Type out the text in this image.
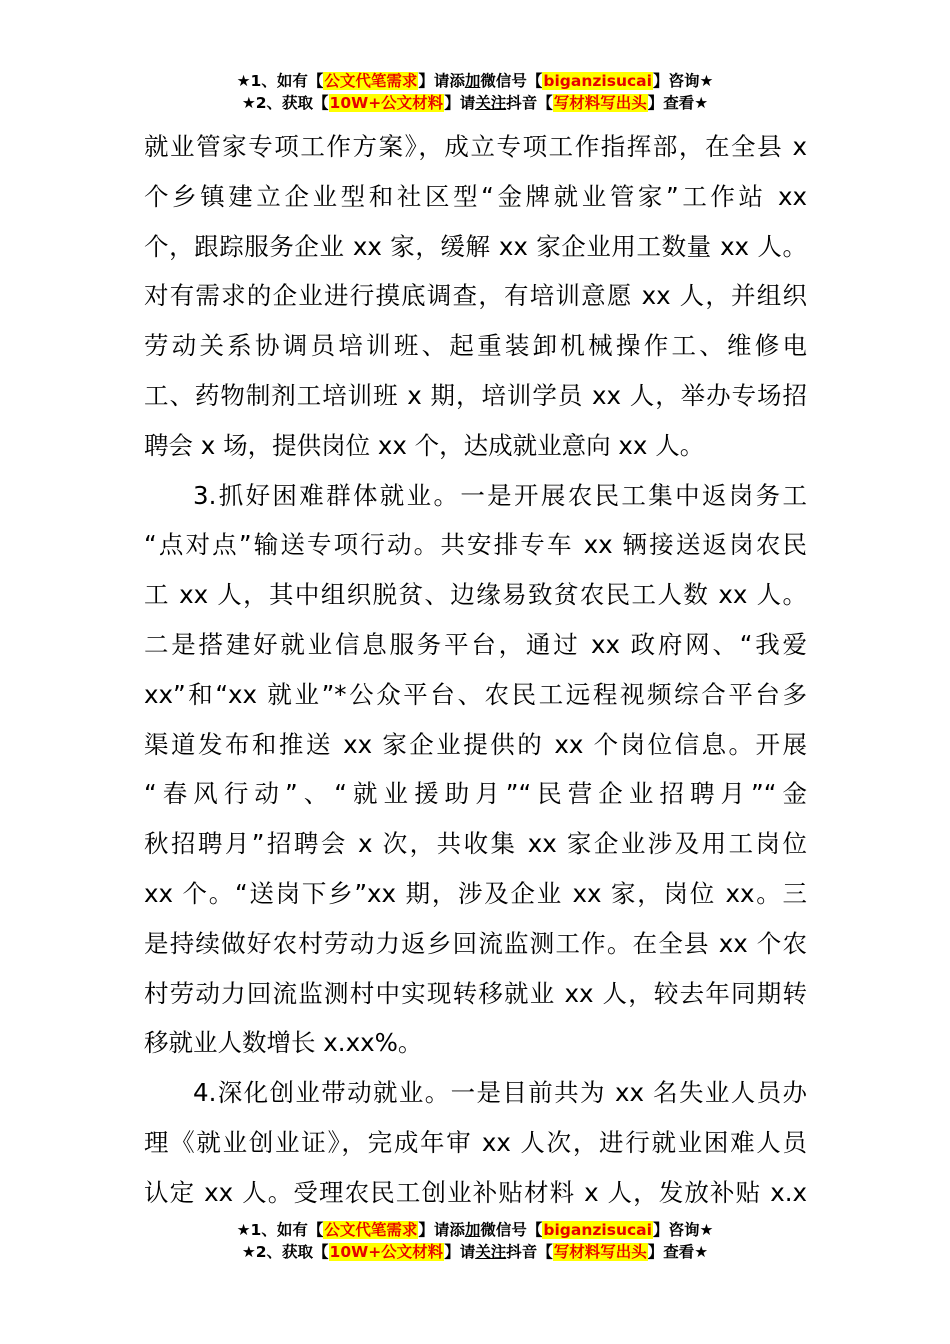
★1、如有【公文代笔需求】请添加微信号【biganzisucai】咨询★
★2、获取【10W+公文材料】请关注抖音【写材料写出头】查看★
就业管家专项工作方案》，成立专项工作指挥部，在全县 x
个乡镇建立企业型和社区型“金牌就业管家”工作站 xx
个，跟踪服务企业 xx 家，缓解 xx 家企业用工数量 xx 人。
对有需求的企业进行摸底调查，有培训意愿 xx 人，并组织
劳动关系协调员培训班、起重装卸机械操作工、维修电
工、药物制剂工培训班 x 期，培训学员 xx 人，举办专场招
聘会 x 场，提供岗位 xx 个，达成就业意向 xx 人。
3.抓好困难群体就业。一是开展农民工集中返岗务工
“点对点”输送专项行动。共安排专车 xx 辆接送返岗农民
工 xx 人，其中组织脱贫、边缘易致贫农民工人数 xx 人。
二是搭建好就业信息服务平台，通过 xx 政府网、“我爱
xx”和“xx 就业”*公众平台、农民工远程视频综合平台多
渠道发布和推送 xx 家企业提供的 xx 个岗位信息。开展
“春风行动”、“就业援助月”“民营企业招聘月”“金
秋招聘月”招聘会 x 次，共收集 xx 家企业涉及用工岗位
xx 个。“送岗下乡”xx 期，涉及企业 xx 家，岗位 xx。三
是持续做好农村劳动力返乡回流监测工作。在全县 xx 个农
村劳动力回流监测村中实现转移就业 xx 人，较去年同期转
移就业人数增长 x.xx%。
4.深化创业带动就业。一是目前共为 xx 名失业人员办
理《就业创业证》，完成年审 xx 人次，进行就业困难人员
认定 xx 人。受理农民工创业补贴材料 x 人，发放补贴 x.x
★1、如有【公文代笔需求】请添加微信号【biganzisucai】咨询★
★2、获取【10W+公文材料】请关注抖音【写材料写出头】查看★
